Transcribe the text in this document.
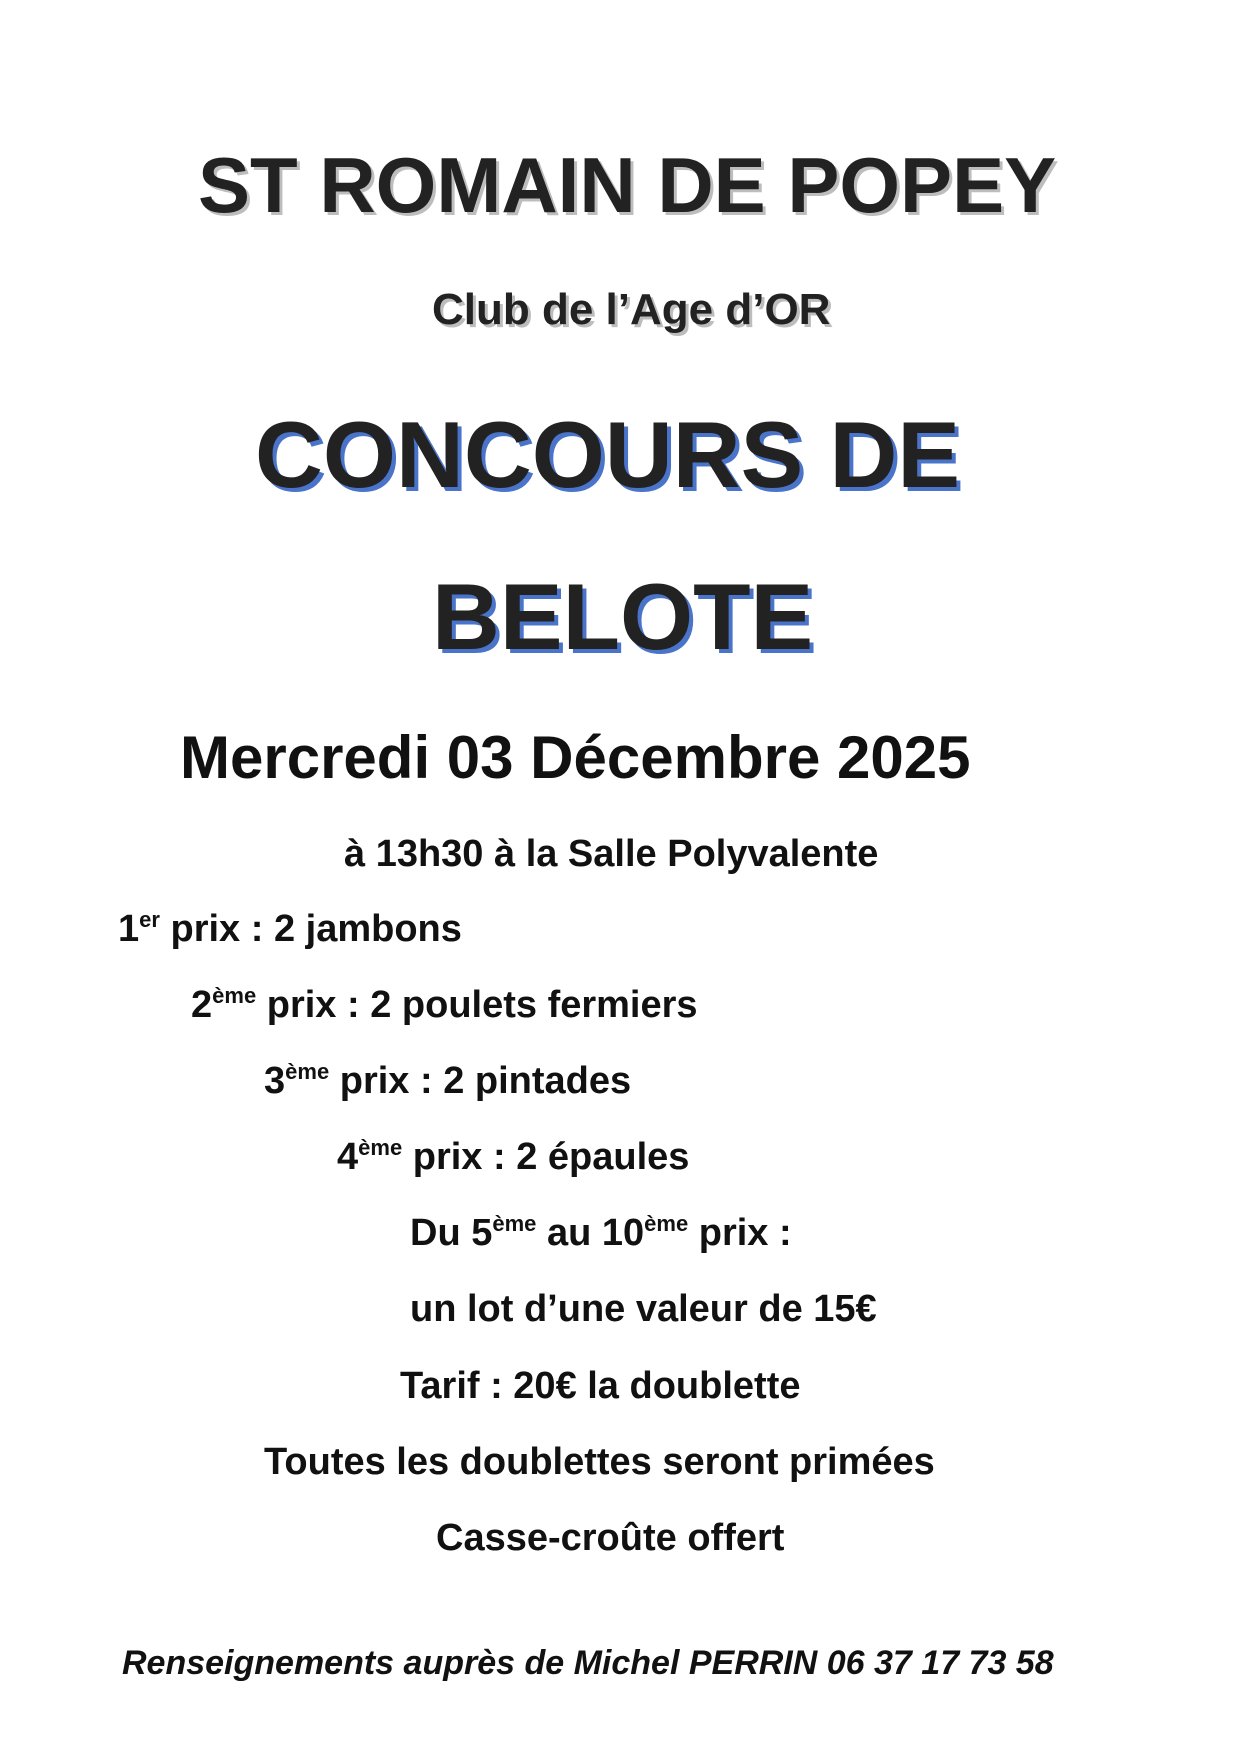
ST ROMAIN DE POPEY
Club de l’Age d’OR
CONCOURS DE
BELOTE
Mercredi 03 Décembre 2025
à 13h30 à la Salle Polyvalente
1er prix : 2 jambons
2ème prix : 2 poulets fermiers
3ème prix : 2 pintades
4ème prix : 2 épaules
Du 5ème au 10ème prix :
un lot d’une valeur de 15€
Tarif : 20€ la doublette
Toutes les doublettes seront primées
Casse-croûte offert
Renseignements auprès de Michel PERRIN 06 37 17 73 58
